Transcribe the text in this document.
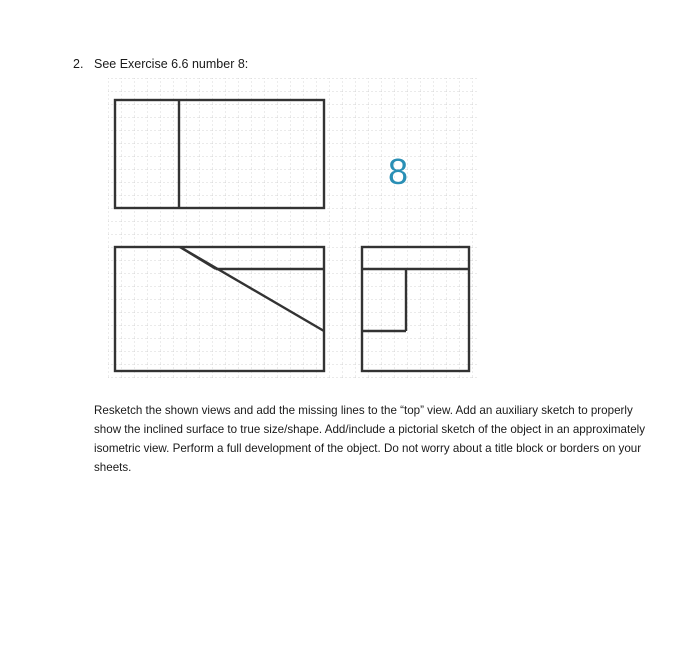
2. See Exercise 6.6 number 8:
8

Resketch the shown views and add the missing lines to the “top” view. Add an auxiliary sketch to properly show the inclined surface to true size/shape. Add/include a pictorial sketch of the object in an approximately isometric view. Perform a full development of the object. Do not worry about a title block or borders on your sheets.
